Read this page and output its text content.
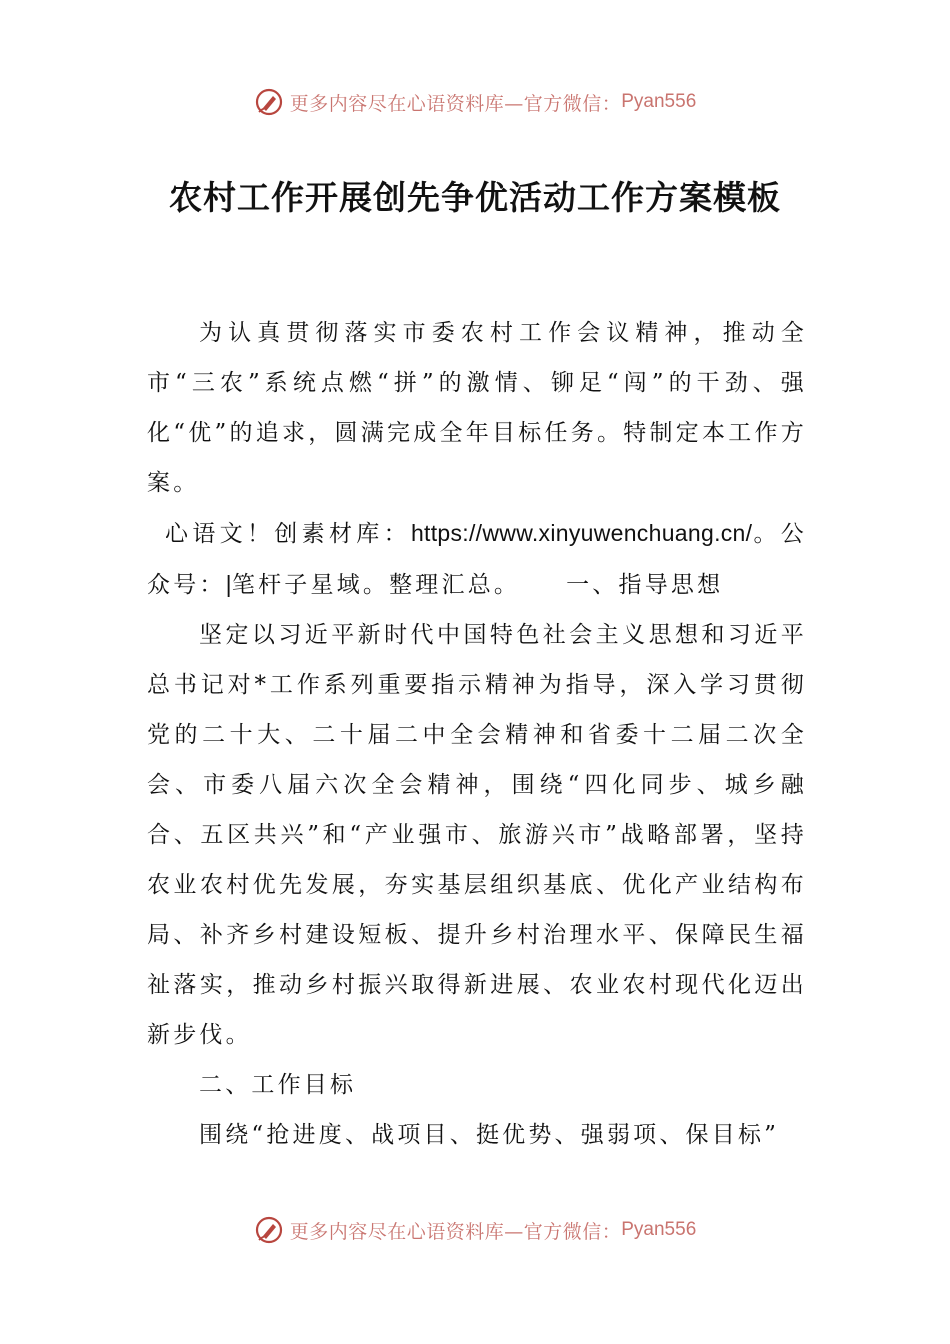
更多内容尽在心语资料库—官方微信： Pyan556
农村工作开展创先争优活动工作方案模板

为认真贯彻落实市委农村工作会议精神，推动全市“三农”系统点燃“拼”的激情、铆足“闯”的干劲、强化“优”的追求，圆满完成全年目标任务。特制定本工作方案。

心语文！创素材库：https://www.xinyuwenchuang.cn/。公众号：|笔杆子星域。整理汇总。 一、指导思想

坚定以习近平新时代中国特色社会主义思想和习近平总书记对*工作系列重要指示精神为指导，深入学习贯彻党的二十大、二十届二中全会精神和省委十二届二次全会、市委八届六次全会精神，围绕“四化同步、城乡融合、五区共兴”和“产业强市、旅游兴市”战略部署，坚持农业农村优先发展，夯实基层组织基底、优化产业结构布局、补齐乡村建设短板、提升乡村治理水平、保障民生福祉落实，推动乡村振兴取得新进展、农业农村现代化迈出新步伐。

二、工作目标

围绕“抢进度、战项目、挺优势、强弱项、保目标”

更多内容尽在心语资料库—官方微信： Pyan556
